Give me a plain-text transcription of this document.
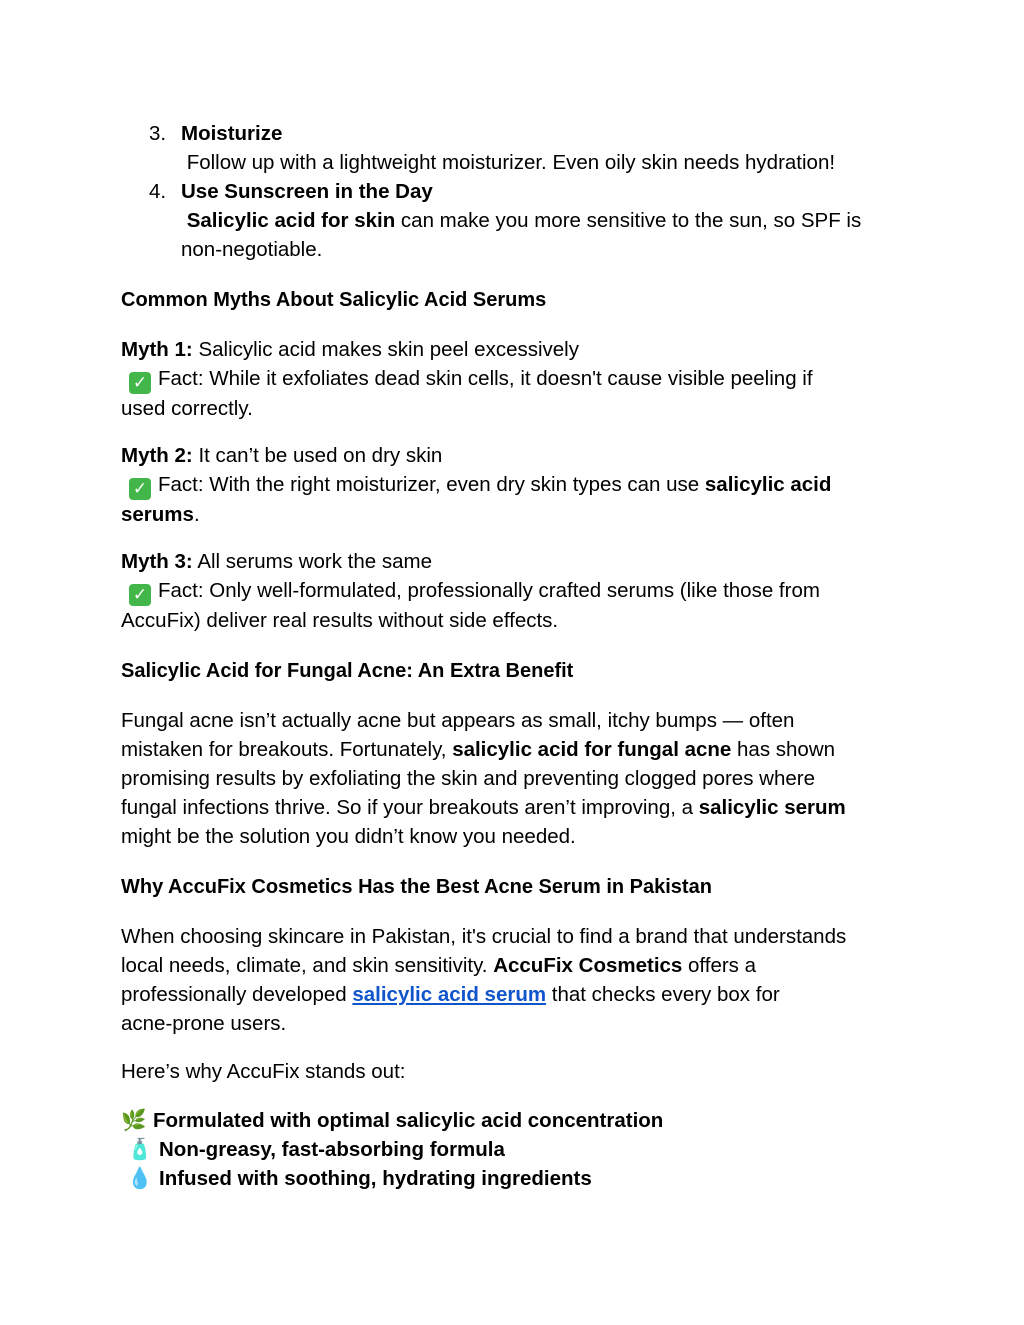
3. Moisturize
Follow up with a lightweight moisturizer. Even oily skin needs hydration!
4. Use Sunscreen in the Day
Salicylic acid for skin can make you more sensitive to the sun, so SPF is
non-negotiable.
Common Myths About Salicylic Acid Serums
Myth 1: Salicylic acid makes skin peel excessively
✓ Fact: While it exfoliates dead skin cells, it doesn't cause visible peeling if
used correctly.
Myth 2: It can’t be used on dry skin
✓ Fact: With the right moisturizer, even dry skin types can use salicylic acid
serums.
Myth 3: All serums work the same
✓ Fact: Only well-formulated, professionally crafted serums (like those from
AccuFix) deliver real results without side effects.
Salicylic Acid for Fungal Acne: An Extra Benefit
Fungal acne isn’t actually acne but appears as small, itchy bumps — often
mistaken for breakouts. Fortunately, salicylic acid for fungal acne has shown
promising results by exfoliating the skin and preventing clogged pores where
fungal infections thrive. So if your breakouts aren’t improving, a salicylic serum
might be the solution you didn’t know you needed.
Why AccuFix Cosmetics Has the Best Acne Serum in Pakistan
When choosing skincare in Pakistan, it's crucial to find a brand that understands
local needs, climate, and skin sensitivity. AccuFix Cosmetics offers a
professionally developed salicylic acid serum that checks every box for
acne-prone users.
Here’s why AccuFix stands out:
🌿 Formulated with optimal salicylic acid concentration
🧴 Non-greasy, fast-absorbing formula
💧 Infused with soothing, hydrating ingredients
